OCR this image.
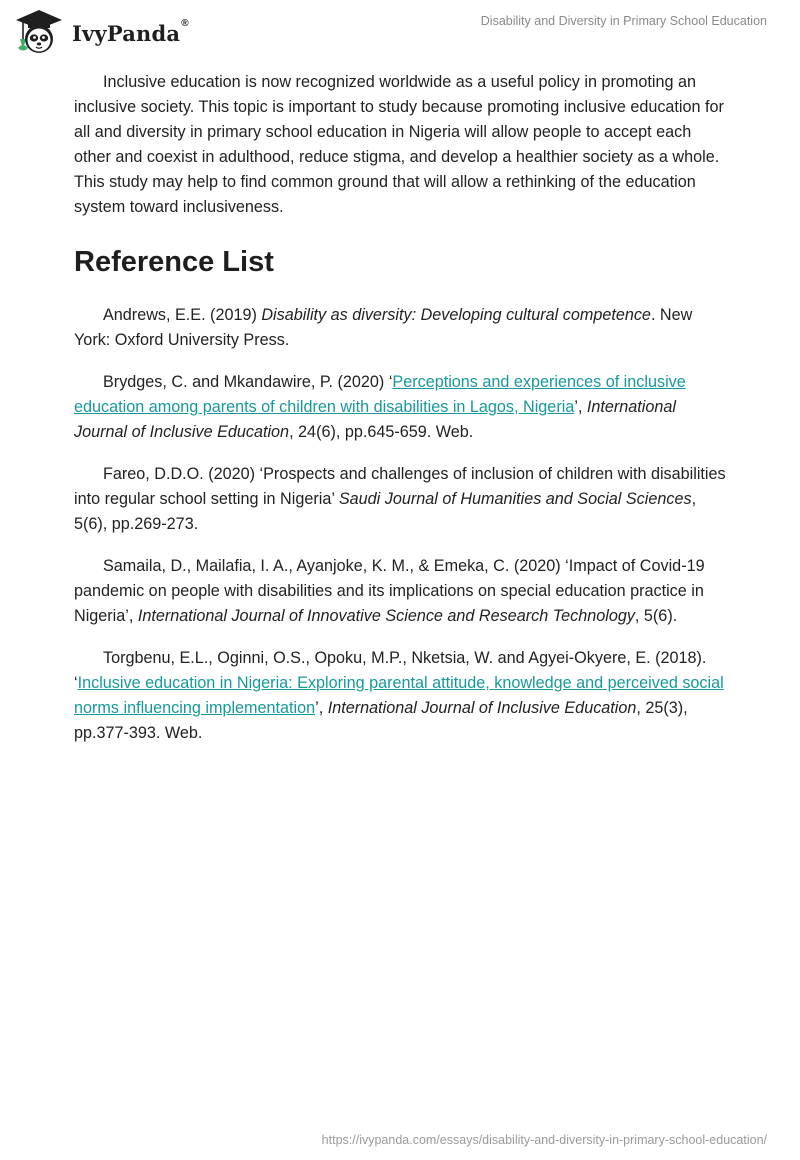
IvyPanda®	Disability and Diversity in Primary School Education

Inclusive education is now recognized worldwide as a useful policy in promoting an inclusive society. This topic is important to study because promoting inclusive education for all and diversity in primary school education in Nigeria will allow people to accept each other and coexist in adulthood, reduce stigma, and develop a healthier society as a whole. This study may help to find common ground that will allow a rethinking of the education system toward inclusiveness.

Reference List

Andrews, E.E. (2019) Disability as diversity: Developing cultural competence. New York: Oxford University Press.

Brydges, C. and Mkandawire, P. (2020) ‘Perceptions and experiences of inclusive education among parents of children with disabilities in Lagos, Nigeria’, International Journal of Inclusive Education, 24(6), pp.645-659. Web.

Fareo, D.D.O. (2020) ‘Prospects and challenges of inclusion of children with disabilities into regular school setting in Nigeria’ Saudi Journal of Humanities and Social Sciences, 5(6), pp.269-273.

Samaila, D., Mailafia, I. A., Ayanjoke, K. M., & Emeka, C. (2020) ‘Impact of Covid-19 pandemic on people with disabilities and its implications on special education practice in Nigeria’, International Journal of Innovative Science and Research Technology, 5(6).

Torgbenu, E.L., Oginni, O.S., Opoku, M.P., Nketsia, W. and Agyei-Okyere, E. (2018). ‘Inclusive education in Nigeria: Exploring parental attitude, knowledge and perceived social norms influencing implementation’, International Journal of Inclusive Education, 25(3), pp.377-393. Web.

https://ivypanda.com/essays/disability-and-diversity-in-primary-school-education/
